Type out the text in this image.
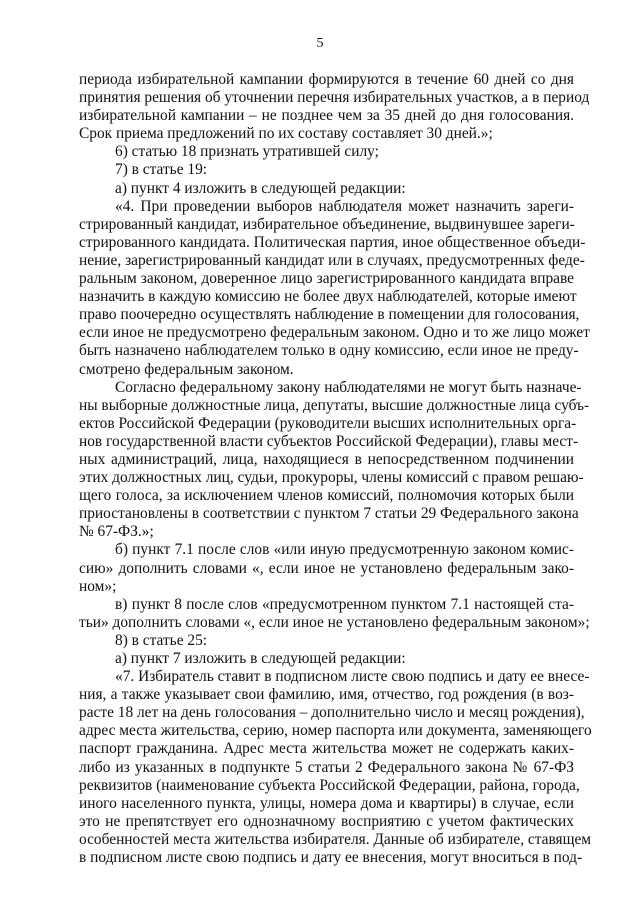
5

периода избирательной кампании формируются в течение 60 дней со дня

принятия решения об уточнении перечня избирательных участков, а в период

избирательной кампании – не позднее чем за 35 дней до дня голосования.

Срок приема предложений по их составу составляет 30 дней.»;

6) статью 18 признать утратившей силу;

7) в статье 19:

а) пункт 4 изложить в следующей редакции:

«4. При проведении выборов наблюдателя может назначить зареги-

стрированный кандидат, избирательное объединение, выдвинувшее зареги-

стрированного кандидата. Политическая партия, иное общественное объеди-

нение, зарегистрированный кандидат или в случаях, предусмотренных феде-

ральным законом, доверенное лицо зарегистрированного кандидата вправе

назначить в каждую комиссию не более двух наблюдателей, которые имеют

право поочередно осуществлять наблюдение в помещении для голосования,

если иное не предусмотрено федеральным законом. Одно и то же лицо может

быть назначено наблюдателем только в одну комиссию, если иное не преду-

смотрено федеральным законом.

Согласно федеральному закону наблюдателями не могут быть назначе-

ны выборные должностные лица, депутаты, высшие должностные лица субъ-

ектов Российской Федерации (руководители высших исполнительных орга-

нов государственной власти субъектов Российской Федерации), главы мест-

ных администраций, лица, находящиеся в непосредственном подчинении

этих должностных лиц, судьи, прокуроры, члены комиссий с правом решаю-

щего голоса, за исключением членов комиссий, полномочия которых были

приостановлены в соответствии с пунктом 7 статьи 29 Федерального закона

№ 67-ФЗ.»;

б) пункт 7.1 после слов «или иную предусмотренную законом комис-

сию» дополнить словами «, если иное не установлено федеральным зако-

ном»;

в) пункт 8 после слов «предусмотренном пунктом 7.1 настоящей ста-

тьи» дополнить словами «, если иное не установлено федеральным законом»;

8) в статье 25:

а) пункт 7 изложить в следующей редакции:

«7. Избиратель ставит в подписном листе свою подпись и дату ее внесе-

ния, а также указывает свои фамилию, имя, отчество, год рождения (в воз-

расте 18 лет на день голосования – дополнительно число и месяц рождения),

адрес места жительства, серию, номер паспорта или документа, заменяющего

паспорт гражданина. Адрес места жительства может не содержать каких-

либо из указанных в подпункте 5 статьи 2 Федерального закона № 67-ФЗ

реквизитов (наименование субъекта Российской Федерации, района, города,

иного населенного пункта, улицы, номера дома и квартиры) в случае, если

это не препятствует его однозначному восприятию с учетом фактических

особенностей места жительства избирателя. Данные об избирателе, ставящем

в подписном листе свою подпись и дату ее внесения, могут вноситься в под-
